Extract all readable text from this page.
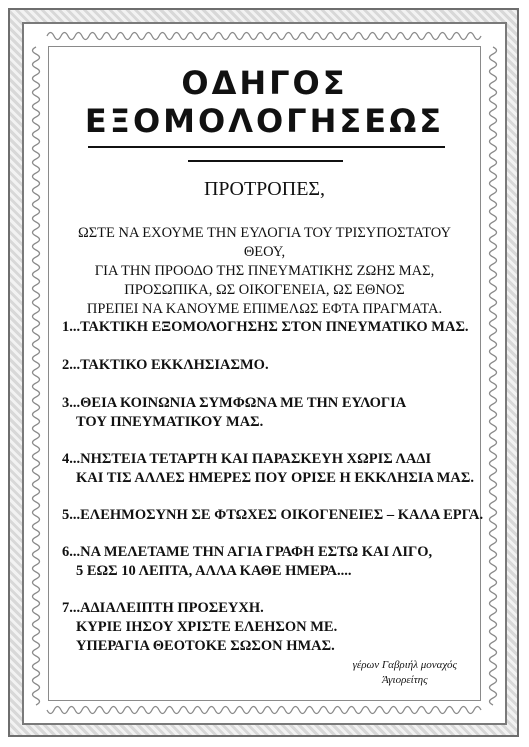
ΟΔΗΓΟΣ
ΕΞΟΜΟΛΟΓΗΣΕΩΣ
ΠΡΟΤΡΟΠΕΣ,
ΩΣΤΕ ΝΑ ΕΧΟΥΜΕ ΤΗΝ ΕΥΛΟΓΙΑ ΤΟΥ ΤΡΙΣΥΠΟΣΤΑΤΟΥ ΘΕΟΥ,
ΓΙΑ ΤΗΝ ΠΡΟΟΔΟ ΤΗΣ ΠΝΕΥΜΑΤΙΚΗΣ ΖΩΗΣ ΜΑΣ,
ΠΡΟΣΩΠΙΚΑ, ΩΣ ΟΙΚΟΓΕΝΕΙΑ, ΩΣ ΕΘΝΟΣ
ΠΡΕΠΕΙ ΝΑ ΚΑΝΟΥΜΕ ΕΠΙΜΕΛΩΣ ΕΦΤΑ ΠΡΑΓΜΑΤΑ.
1...ΤΑΚΤΙΚΗ ΕΞΟΜΟΛΟΓΗΣΗΣ ΣΤΟΝ ΠΝΕΥΜΑΤΙΚΟ ΜΑΣ.
2...ΤΑΚΤΙΚΟ ΕΚΚΛΗΣΙΑΣΜΟ.
3...ΘΕΙΑ ΚΟΙΝΩΝΙΑ ΣΥΜΦΩΝΑ ΜΕ ΤΗΝ ΕΥΛΟΓΙΑ
ΤΟΥ ΠΝΕΥΜΑΤΙΚΟΥ ΜΑΣ.
4...ΝΗΣΤΕΙΑ ΤΕΤΑΡΤΗ ΚΑΙ ΠΑΡΑΣΚΕΥΗ ΧΩΡΙΣ ΛΑΔΙ
ΚΑΙ ΤΙΣ ΑΛΛΕΣ ΗΜΕΡΕΣ ΠΟΥ ΟΡΙΣΕ Η ΕΚΚΛΗΣΙΑ ΜΑΣ.
5...ΕΛΕΗΜΟΣΥΝΗ ΣΕ ΦΤΩΧΕΣ ΟΙΚΟΓΕΝΕΙΕΣ – ΚΑΛΑ ΕΡΓΑ.
6...ΝΑ ΜΕΛΕΤΑΜΕ ΤΗΝ ΑΓΙΑ ΓΡΑΦΗ ΕΣΤΩ ΚΑΙ ΛΙΓΟ,
5 ΕΩΣ 10 ΛΕΠΤΑ, ΑΛΛΑ ΚΑΘΕ ΗΜΕΡΑ....
7...ΑΔΙΑΛΕΙΠΤΗ ΠΡΟΣΕΥΧΗ.
ΚΥΡΙΕ ΙΗΣΟΥ ΧΡΙΣΤΕ ΕΛΕΗΣΟΝ ΜΕ.
ΥΠΕΡΑΓΙΑ ΘΕΟΤΟΚΕ ΣΩΣΟΝ ΗΜΑΣ.
γέρων Γαβριήλ μοναχός
Άγιορείτης
